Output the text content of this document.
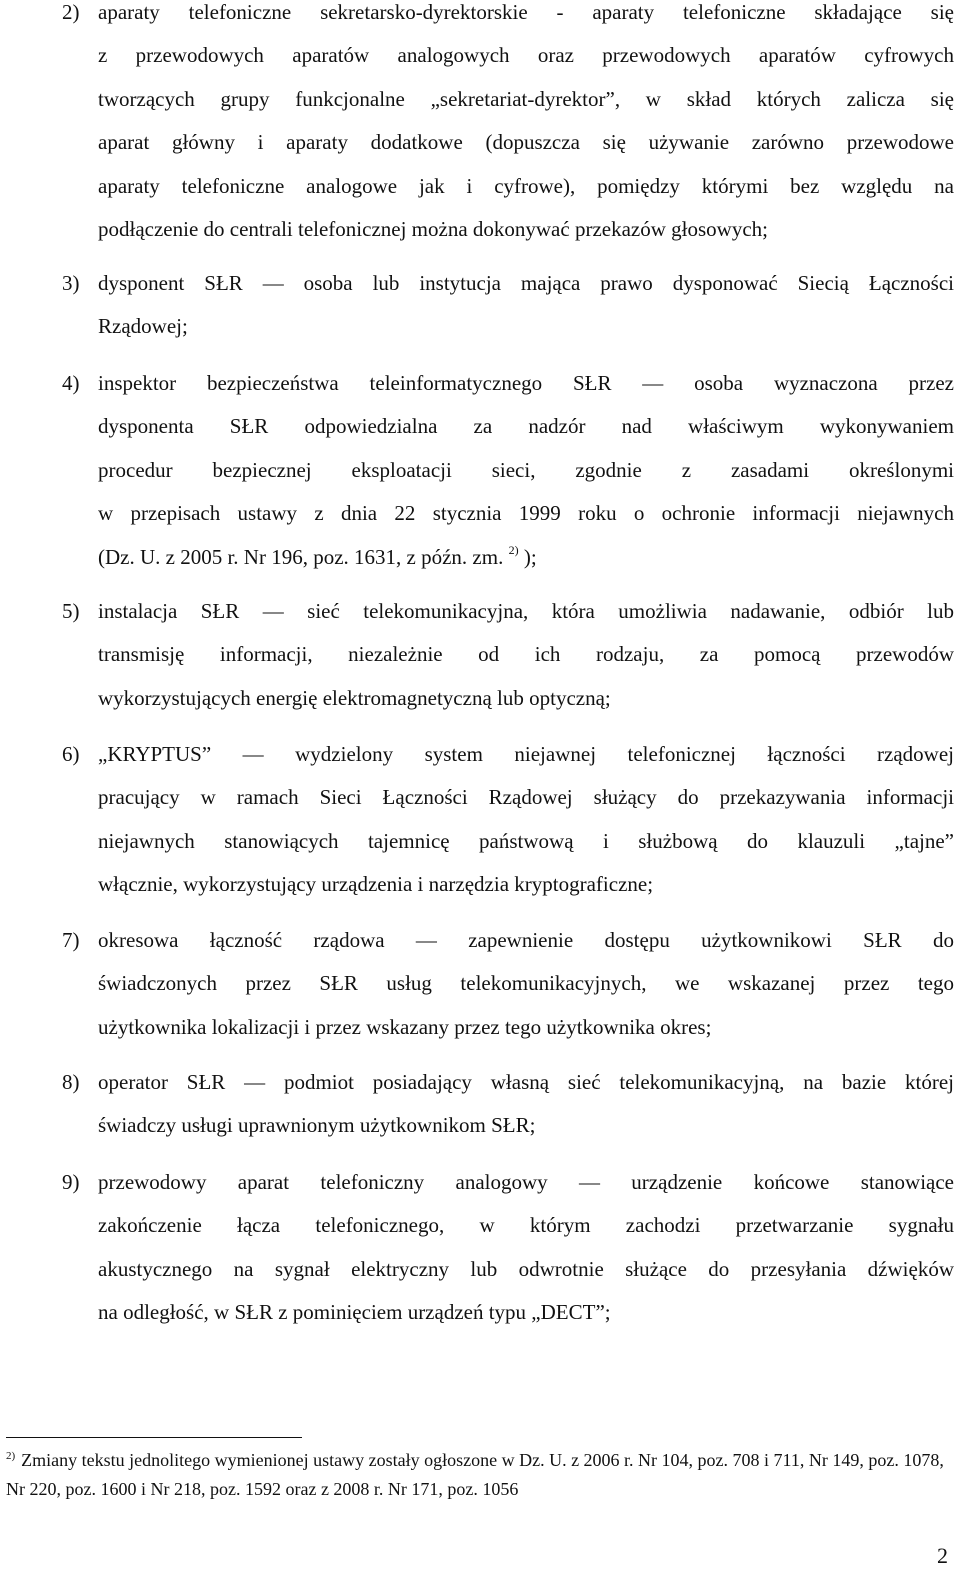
2) aparaty telefoniczne sekretarsko-dyrektorskie - aparaty telefoniczne składające się
z przewodowych aparatów analogowych oraz przewodowych aparatów cyfrowych
tworzących grupy funkcjonalne „sekretariat-dyrektor”, w skład których zalicza się
aparat główny i aparaty dodatkowe (dopuszcza się używanie zarówno przewodowe
aparaty telefoniczne analogowe jak i cyfrowe), pomiędzy którymi bez względu na
podłączenie do centrali telefonicznej można dokonywać przekazów głosowych;
3) dysponent SŁR — osoba lub instytucja mająca prawo dysponować Siecią Łączności
Rządowej;
4) inspektor bezpieczeństwa teleinformatycznego SŁR — osoba wyznaczona przez
dysponenta SŁR odpowiedzialna za nadzór nad właściwym wykonywaniem
procedur bezpiecznej eksploatacji sieci, zgodnie z zasadami określonymi
w przepisach ustawy z dnia 22 stycznia 1999 roku o ochronie informacji niejawnych
(Dz. U. z 2005 r. Nr 196, poz. 1631, z późn. zm. $^{2)}$ );
5) instalacja SŁR — sieć telekomunikacyjna, która umożliwia nadawanie, odbiór lub
transmisję informacji, niezależnie od ich rodzaju, za pomocą przewodów
wykorzystujących energię elektromagnetyczną lub optyczną;
6) „KRYPTUS” — wydzielony system niejawnej telefonicznej łączności rządowej
pracujący w ramach Sieci Łączności Rządowej służący do przekazywania informacji
niejawnych stanowiących tajemnicę państwową i służbową do klauzuli „tajne”
włącznie, wykorzystujący urządzenia i narzędzia kryptograficzne;
7) okresowa łączność rządowa — zapewnienie dostępu użytkownikowi SŁR do
świadczonych przez SŁR usług telekomunikacyjnych, we wskazanej przez tego
użytkownika lokalizacji i przez wskazany przez tego użytkownika okres;
8) operator SŁR — podmiot posiadający własną sieć telekomunikacyjną, na bazie której
świadczy usługi uprawnionym użytkownikom SŁR;
9) przewodowy aparat telefoniczny analogowy — urządzenie końcowe stanowiące
zakończenie łącza telefonicznego, w którym zachodzi przetwarzanie sygnału
akustycznego na sygnał elektryczny lub odwrotnie służące do przesyłania dźwięków
na odległość, w SŁR z pominięciem urządzeń typu „DECT”;
$^{2)}$ Zmiany tekstu jednolitego wymienionej ustawy zostały ogłoszone w Dz. U. z 2006 r. Nr 104, poz. 708 i 711, Nr 149, poz. 1078, Nr 220, poz. 1600 i Nr 218, poz. 1592 oraz z 2008 r. Nr 171, poz. 1056
2
